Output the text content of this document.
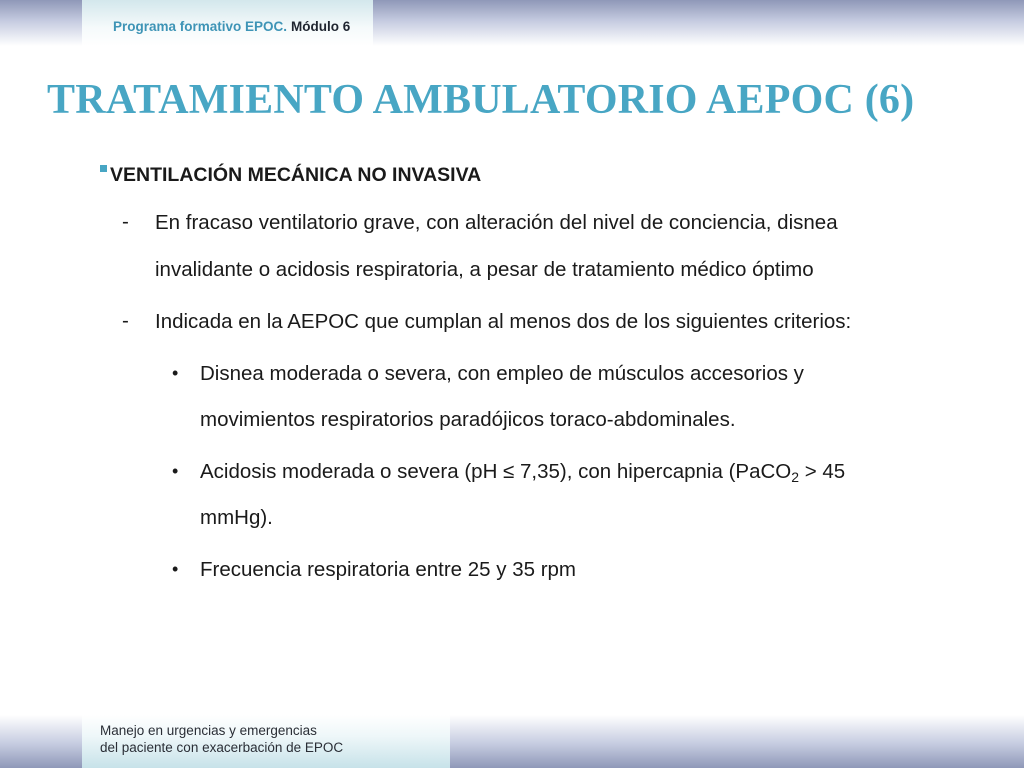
Programa formativo EPOC. Módulo 6
TRATAMIENTO AMBULATORIO AEPOC (6)
VENTILACIÓN MECÁNICA NO INVASIVA
- En fracaso ventilatorio grave, con alteración del nivel de conciencia, disnea
invalidante o acidosis respiratoria, a pesar de tratamiento médico óptimo
- Indicada en la AEPOC que cumplan al menos dos de los siguientes criterios:
• Disnea moderada o severa, con empleo de músculos accesorios y
movimientos respiratorios paradójicos toraco-abdominales.
• Acidosis moderada o severa (pH ≤ 7,35), con hipercapnia (PaCO$_2$ > 45
mmHg).
• Frecuencia respiratoria entre 25 y 35 rpm
Manejo en urgencias y emergencias
del paciente con exacerbación de EPOC
